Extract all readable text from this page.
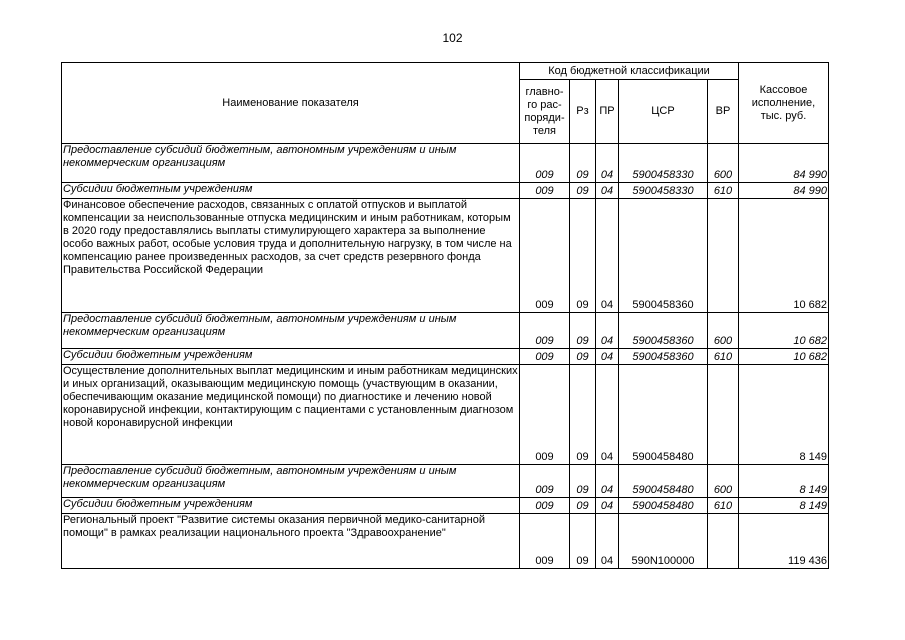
102
Наименование показателя	Код бюджетной классификации					Кассовое исполнение, тыс. руб.
	главно-го рас-поряди-теля	Рз	ПР	ЦСР	ВР	
Предоставление субсидий бюджетным, автономным учреждениям и иным некоммерческим организациям	009	09	04	5900458330	600	84 990
Субсидии бюджетным учреждениям	009	09	04	5900458330	610	84 990
Финансовое обеспечение расходов, связанных с оплатой отпусков и выплатой компенсации за неиспользованные отпуска медицинским и иным работникам, которым в 2020 году предоставлялись выплаты стимулирующего характера за выполнение особо важных работ, особые условия труда и дополнительную нагрузку, в том числе на компенсацию ранее произведенных расходов, за счет средств резервного фонда Правительства Российской Федерации	009	09	04	5900458360		10 682
Предоставление субсидий бюджетным, автономным учреждениям и иным некоммерческим организациям	009	09	04	5900458360	600	10 682
Субсидии бюджетным учреждениям	009	09	04	5900458360	610	10 682
Осуществление дополнительных выплат медицинским и иным работникам медицинских и иных организаций, оказывающим медицинскую помощь (участвующим в оказании, обеспечивающим оказание медицинской помощи) по диагностике и лечению новой коронавирусной инфекции, контактирующим с пациентами с установленным диагнозом новой коронавирусной инфекции	009	09	04	5900458480		8 149
Предоставление субсидий бюджетным, автономным учреждениям и иным некоммерческим организациям	009	09	04	5900458480	600	8 149
Субсидии бюджетным учреждениям	009	09	04	5900458480	610	8 149
Региональный проект "Развитие системы оказания первичной медико-санитарной помощи" в рамках реализации национального проекта "Здравоохранение"	009	09	04	590N100000		119 436
